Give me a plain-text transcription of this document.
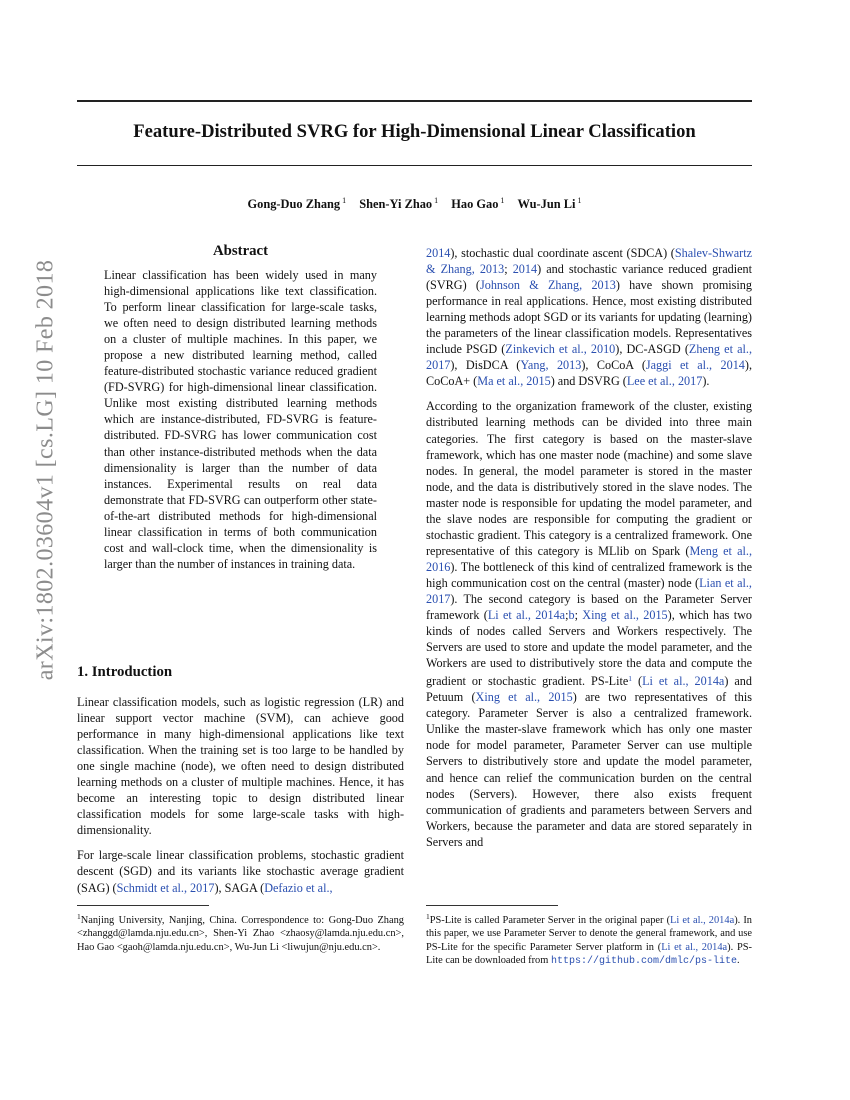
arXiv:1802.03604v1 [cs.LG] 10 Feb 2018
Feature-Distributed SVRG for High-Dimensional Linear Classification
Gong-Duo Zhang $^1$ Shen-Yi Zhao $^1$ Hao Gao $^1$ Wu-Jun Li $^1$
Abstract
Linear classification has been widely used in many high-dimensional applications like text classification. To perform linear classification for large-scale tasks, we often need to design distributed learning methods on a cluster of multiple machines. In this paper, we propose a new distributed learning method, called feature-distributed stochastic variance reduced gradient (FD-SVRG) for high-dimensional linear classification. Unlike most existing distributed learning methods which are instance-distributed, FD-SVRG is feature-distributed. FD-SVRG has lower communication cost than other instance-distributed methods when the data dimensionality is larger than the number of data instances. Experimental results on real data demonstrate that FD-SVRG can outperform other state-of-the-art distributed methods for high-dimensional linear classification in terms of both communication cost and wall-clock time, when the dimensionality is larger than the number of instances in training data.
1. Introduction

Linear classification models, such as logistic regression (LR) and linear support vector machine (SVM), can achieve good performance in many high-dimensional applications like text classification. When the training set is too large to be handled by one single machine (node), we often need to design distributed learning methods on a cluster of multiple machines. Hence, it has become an interesting topic to design distributed linear classification models for some large-scale tasks with high-dimensionality.

For large-scale linear classification problems, stochastic gradient descent (SGD) and its variants like stochastic average gradient (SAG) (Schmidt et al., 2017), SAGA (Defazio et al.,

2014), stochastic dual coordinate ascent (SDCA) (Shalev-Shwartz & Zhang, 2013; 2014) and stochastic variance reduced gradient (SVRG) (Johnson & Zhang, 2013) have shown promising performance in real applications. Hence, most existing distributed learning methods adopt SGD or its variants for updating (learning) the parameters of the linear classification models. Representatives include PSGD (Zinkevich et al., 2010), DC-ASGD (Zheng et al., 2017), DisDCA (Yang, 2013), CoCoA (Jaggi et al., 2014), CoCoA+ (Ma et al., 2015) and DSVRG (Lee et al., 2017).

According to the organization framework of the cluster, existing distributed learning methods can be divided into three main categories. The first category is based on the master-slave framework, which has one master node (machine) and some slave nodes. In general, the model parameter is stored in the master node, and the data is distributively stored in the slave nodes. The master node is responsible for updating the model parameter, and the slave nodes are responsible for computing the gradient or stochastic gradient. This category is a centralized framework. One representative of this category is MLlib on Spark (Meng et al., 2016). The bottleneck of this kind of centralized framework is the high communication cost on the central (master) node (Lian et al., 2017). The second category is based on the Parameter Server framework (Li et al., 2014a;b; Xing et al., 2015), which has two kinds of nodes called Servers and Workers respectively. The Servers are used to store and update the model parameter, and the Workers are used to distributively store the data and compute the gradient or stochastic gradient. PS-Lite$^1$ (Li et al., 2014a) and Petuum (Xing et al., 2015) are two representatives of this category. Parameter Server is also a centralized framework. Unlike the master-slave framework which has only one master node for model parameter, Parameter Server can use multiple Servers to distributively store and update the model parameter, and hence can relief the communication burden on the central nodes (Servers). However, there also exists frequent communication of gradients and parameters between Servers and Workers, because the parameter and data are stored separately in Servers and

$^1$Nanjing University, Nanjing, China. Correspondence to: Gong-Duo Zhang <zhanggd@lamda.nju.edu.cn>, Shen-Yi Zhao <zhaosy@lamda.nju.edu.cn>, Hao Gao <gaoh@lamda.nju.edu.cn>, Wu-Jun Li <liwujun@nju.edu.cn>.
$^1$PS-Lite is called Parameter Server in the original paper (Li et al., 2014a). In this paper, we use Parameter Server to denote the general framework, and use PS-Lite for the specific Parameter Server platform in (Li et al., 2014a). PS-Lite can be downloaded from https://github.com/dmlc/ps-lite.
